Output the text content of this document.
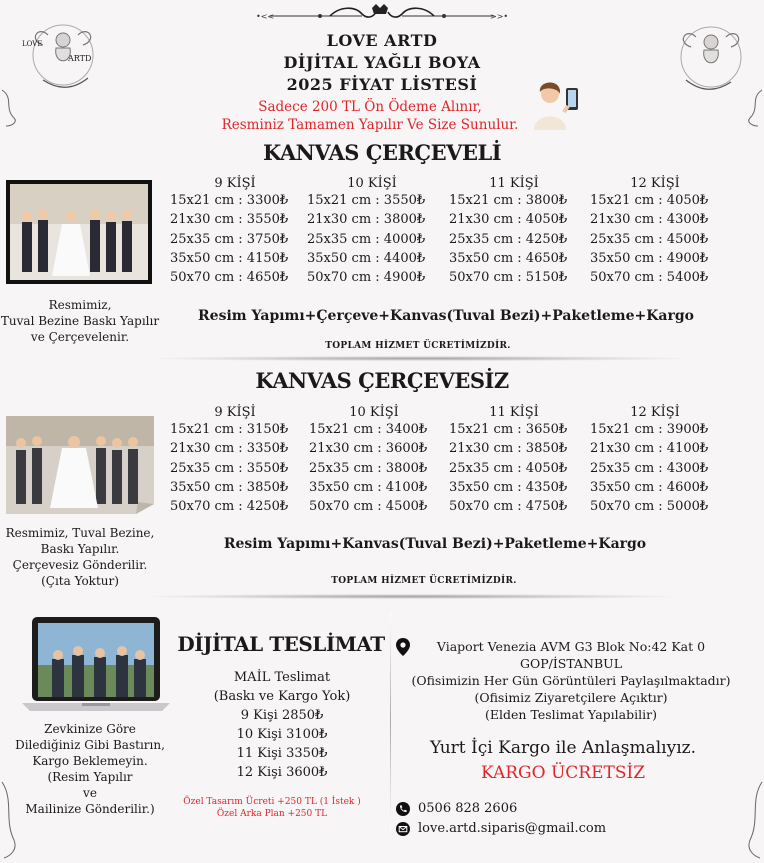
•<<	>>•
LOVE
ARTD
LOVE ARTD
DİJİTAL YAĞLI BOYA
2025 FİYAT LİSTESİ
Sadece 200 TL Ön Ödeme Alınır,
Resminiz Tamamen Yapılır Ve Size Sunulur.
KANVAS ÇERÇEVELİ
Resmimiz,
Tuval Bezine Baskı Yapılır
ve Çerçevelenir.
9 KİŞİ
15x21 cm : 3300₺
21x30 cm : 3550₺
25x35 cm : 3750₺
35x50 cm : 4150₺
50x70 cm : 4650₺
10 KİŞİ
15x21 cm : 3550₺
21x30 cm : 3800₺
25x35 cm : 4000₺
35x50 cm : 4400₺
50x70 cm : 4900₺
11 KİŞİ
15x21 cm : 3800₺
21x30 cm : 4050₺
25x35 cm : 4250₺
35x50 cm : 4650₺
50x70 cm : 5150₺
12 KİŞİ
15x21 cm : 4050₺
21x30 cm : 4300₺
25x35 cm : 4500₺
35x50 cm : 4900₺
50x70 cm : 5400₺
Resim Yapımı+Çerçeve+Kanvas(Tuval Bezi)+Paketleme+Kargo
TOPLAM HİZMET ÜCRETİMİZDİR.
KANVAS ÇERÇEVESİZ
Resmimiz, Tuval Bezine,
Baskı Yapılır.
Çerçevesiz Gönderilir.
(Çıta Yoktur)
9 KİŞİ
15x21 cm : 3150₺
21x30 cm : 3350₺
25x35 cm : 3550₺
35x50 cm : 3850₺
50x70 cm : 4250₺
10 KİŞİ
15x21 cm : 3400₺
21x30 cm : 3600₺
25x35 cm : 3800₺
35x50 cm : 4100₺
50x70 cm : 4500₺
11 KİŞİ
15x21 cm : 3650₺
21x30 cm : 3850₺
25x35 cm : 4050₺
35x50 cm : 4350₺
50x70 cm : 4750₺
12 KİŞİ
15x21 cm : 3900₺
21x30 cm : 4100₺
25x35 cm : 4300₺
35x50 cm : 4600₺
50x70 cm : 5000₺
Resim Yapımı+Kanvas(Tuval Bezi)+Paketleme+Kargo
TOPLAM HİZMET ÜCRETİMİZDİR.
Zevkinize Göre
Dilediğiniz Gibi Bastırın,
Kargo Beklemeyin.
(Resim Yapılır
ve
Mailinize Gönderilir.)
DİJİTAL TESLİMAT
MAİL Teslimat
(Baskı ve Kargo Yok)
9 Kişi 2850₺
10 Kişi 3100₺
11 Kişi 3350₺
12 Kişi 3600₺
Özel Tasarım Ücreti +250 TL (1 İstek )
Özel Arka Plan +250 TL
Viaport Venezia AVM G3 Blok No:42 Kat 0
GOP/İSTANBUL
(Ofisimizin Her Gün Görüntüleri Paylaşılmaktadır)
(Ofisimiz Ziyaretçilere Açıktır)
(Elden Teslimat Yapılabilir)
Yurt İçi Kargo ile Anlaşmalıyız.
KARGO ÜCRETSİZ
0506 828 2606
love.artd.siparis@gmail.com
